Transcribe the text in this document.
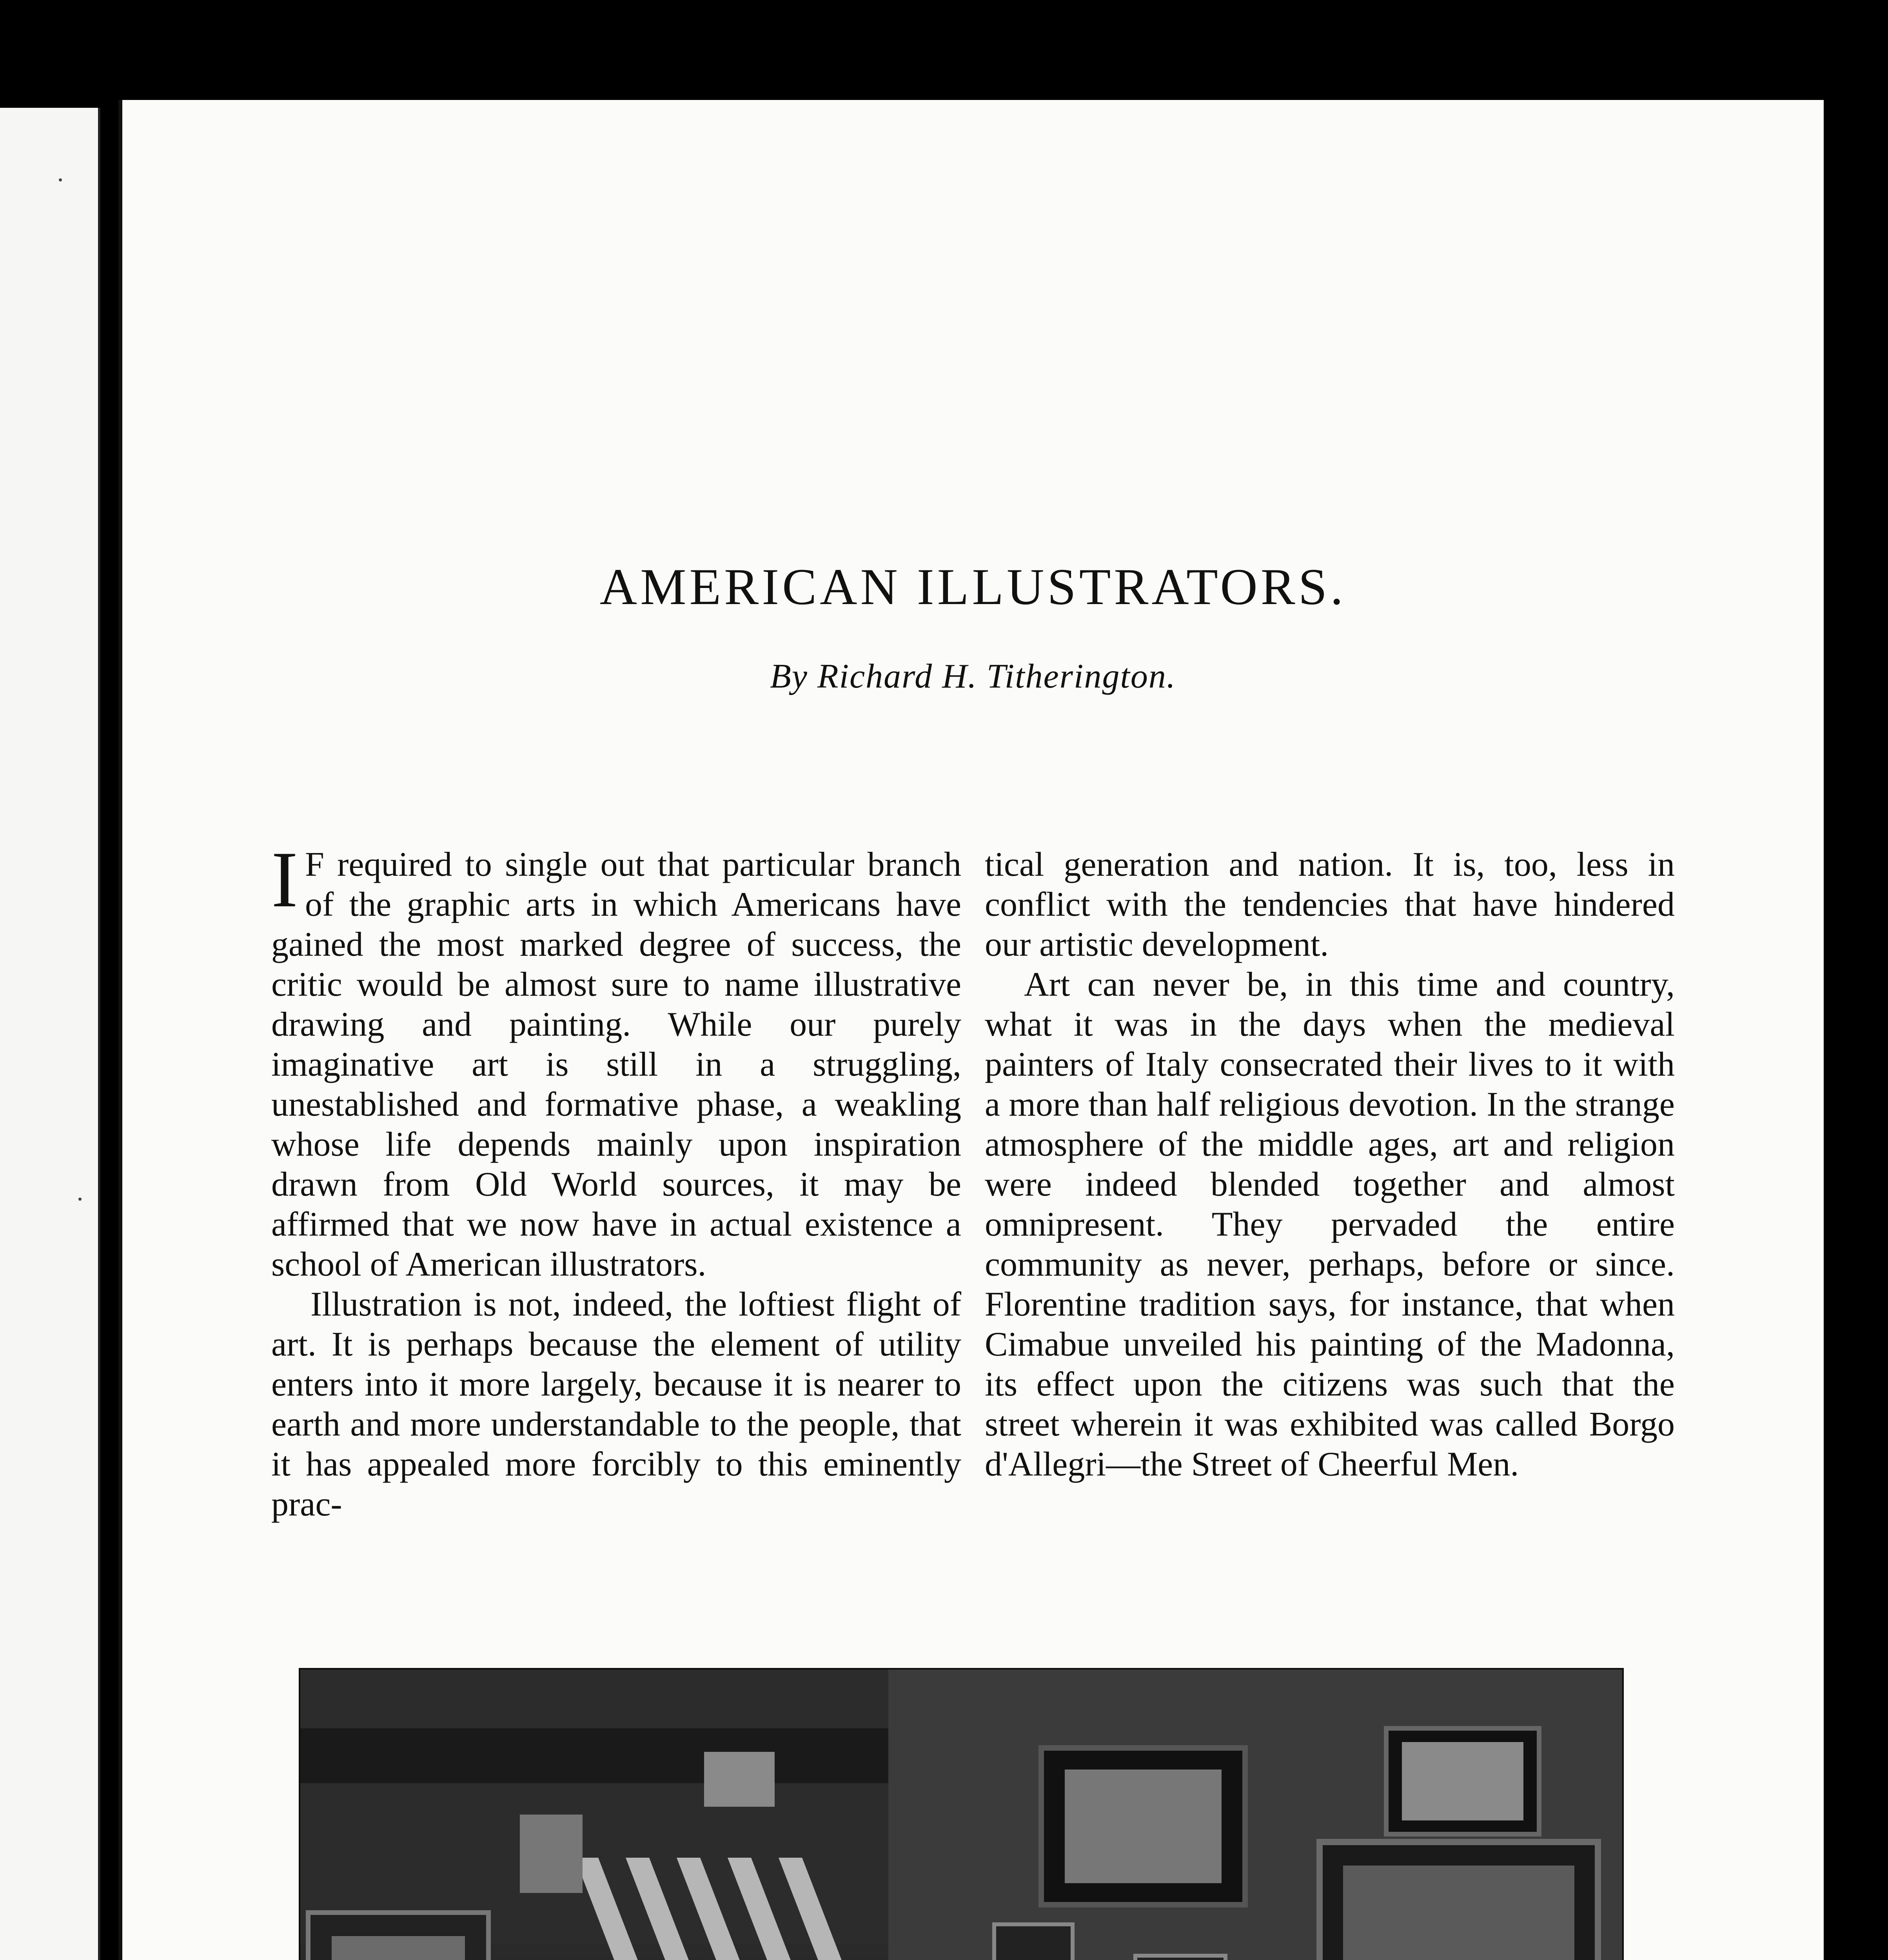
AMERICAN ILLUSTRATORS.
By Richard H. Titherington.

I F required to single out that particular branch of the graphic arts in which Americans have gained the most marked degree of success, the critic would be almost sure to name illustrative drawing and painting. While our purely imaginative art is still in a struggling, unestablished and formative phase, a weakling whose life depends mainly upon inspiration drawn from Old World sources, it may be affirmed that we now have in actual existence a school of American illustrators.

Illustration is not, indeed, the loftiest flight of art. It is perhaps because the element of utility enters into it more largely, because it is nearer to earth and more understandable to the people, that it has appealed more forcibly to this eminently prac-

tical generation and nation. It is, too, less in conflict with the tendencies that have hindered our artistic development.

Art can never be, in this time and country, what it was in the days when the medieval painters of Italy consecrated their lives to it with a more than half religious devotion. In the strange atmosphere of the middle ages, art and religion were indeed blended together and almost omnipresent. They pervaded the entire community as never, perhaps, before or since. Florentine tradition says, for instance, that when Cimabue unveiled his painting of the Madonna, its effect upon the citizens was such that the street wherein it was exhibited was called Borgo d'Allegri—the Street of Cheerful Men.
